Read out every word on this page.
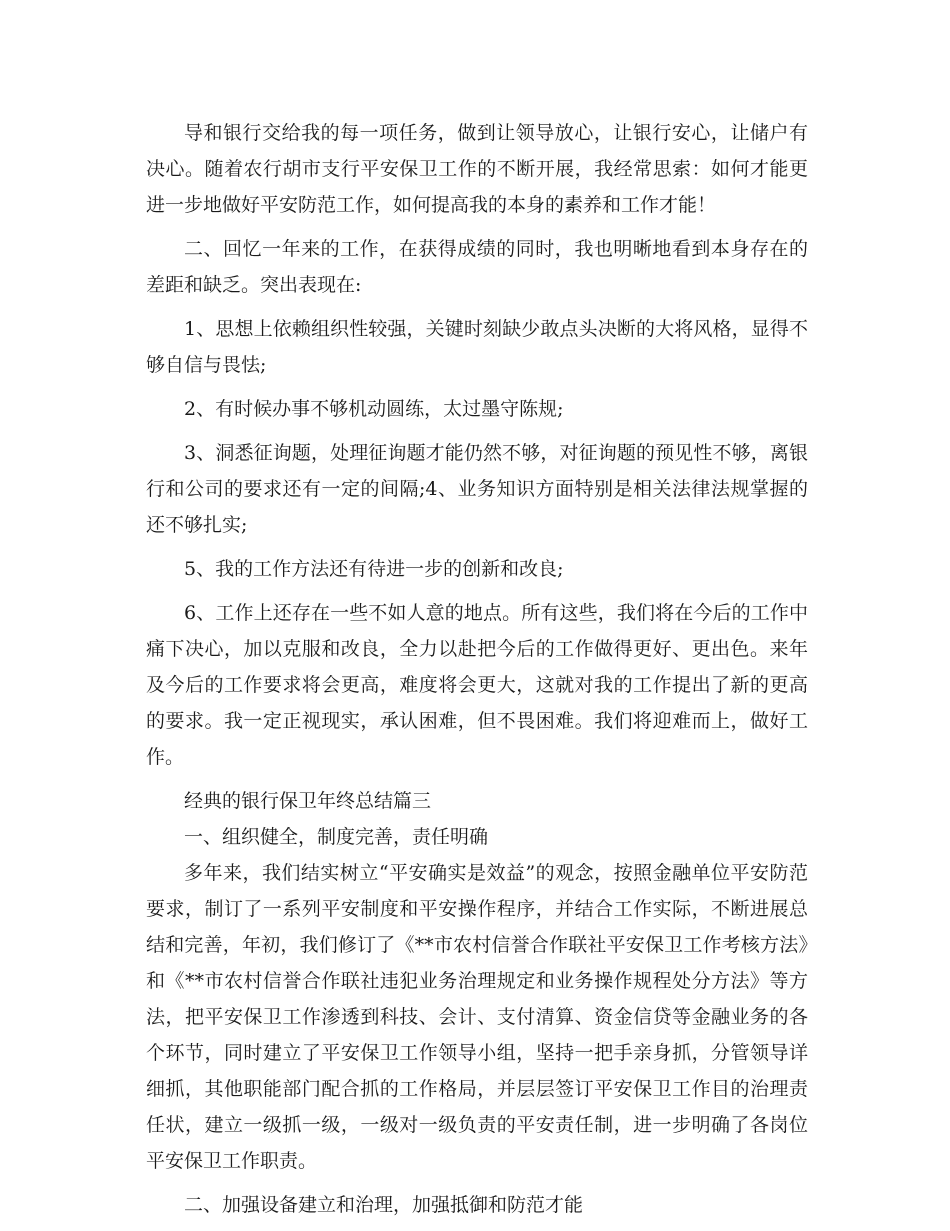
导和银行交给我的每一项任务，做到让领导放心，让银行安心，让储户有决心。随着农行胡市支行平安保卫工作的不断开展，我经常思索：如何才能更进一步地做好平安防范工作，如何提高我的本身的素养和工作才能！

二、回忆一年来的工作，在获得成绩的同时，我也明晰地看到本身存在的差距和缺乏。突出表现在:

1、思想上依赖组织性较强，关键时刻缺少敢点头决断的大将风格，显得不够自信与畏怯;

2、有时候办事不够机动圆练，太过墨守陈规;

3、洞悉征询题，处理征询题才能仍然不够，对征询题的预见性不够，离银行和公司的要求还有一定的间隔;4、业务知识方面特别是相关法律法规掌握的还不够扎实;

5、我的工作方法还有待进一步的创新和改良;

6、工作上还存在一些不如人意的地点。所有这些，我们将在今后的工作中痛下决心，加以克服和改良，全力以赴把今后的工作做得更好、更出色。来年及今后的工作要求将会更高，难度将会更大，这就对我的工作提出了新的更高的要求。我一定正视现实，承认困难，但不畏困难。我们将迎难而上，做好工作。

经典的银行保卫年终总结篇三

一、组织健全，制度完善，责任明确

多年来，我们结实树立“平安确实是效益”的观念，按照金融单位平安防范要求，制订了一系列平安制度和平安操作程序，并结合工作实际，不断进展总结和完善，年初，我们修订了《**市农村信誉合作联社平安保卫工作考核方法》和《**市农村信誉合作联社违犯业务治理规定和业务操作规程处分方法》等方法，把平安保卫工作渗透到科技、会计、支付清算、资金信贷等金融业务的各个环节，同时建立了平安保卫工作领导小组，坚持一把手亲身抓，分管领导详细抓，其他职能部门配合抓的工作格局，并层层签订平安保卫工作目的治理责任状，建立一级抓一级，一级对一级负责的平安责任制，进一步明确了各岗位平安保卫工作职责。

二、加强设备建立和治理，加强抵御和防范才能
